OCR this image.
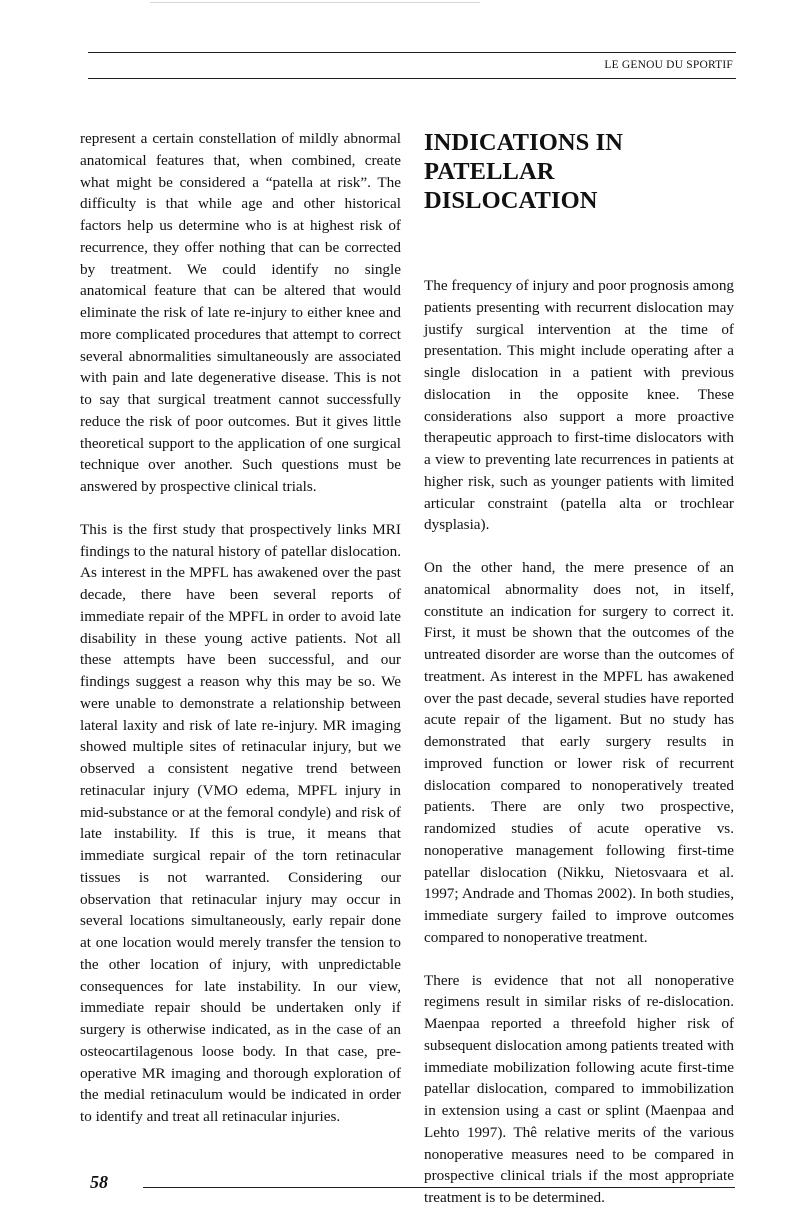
LE GENOU DU SPORTIF

represent a certain constellation of mildly abnormal anatomical features that, when combined, create what might be considered a “patella at risk”. The difficulty is that while age and other historical factors help us determine who is at highest risk of recurrence, they offer nothing that can be corrected by treatment. We could identify no single anatomical feature that can be altered that would eliminate the risk of late re-injury to either knee and more complicated procedures that attempt to correct several abnormalities simultaneously are associated with pain and late degenerative disease. This is not to say that surgical treatment cannot successfully reduce the risk of poor outcomes. But it gives little theoretical support to the application of one surgical technique over another. Such questions must be answered by prospective clinical trials.

This is the first study that prospectively links MRI findings to the natural history of patellar dislocation. As interest in the MPFL has awakened over the past decade, there have been several reports of immediate repair of the MPFL in order to avoid late disability in these young active patients. Not all these attempts have been successful, and our findings suggest a reason why this may be so. We were unable to demonstrate a relationship between lateral laxity and risk of late re-injury. MR imaging showed multiple sites of retinacular injury, but we observed a consistent negative trend between retinacular injury (VMO edema, MPFL injury in mid-substance or at the femoral condyle) and risk of late instability. If this is true, it means that immediate surgical repair of the torn retinacular tissues is not warranted. Considering our observation that retinacular injury may occur in several locations simultaneously, early repair done at one location would merely transfer the tension to the other location of injury, with unpredictable consequences for late instability. In our view, immediate repair should be undertaken only if surgery is otherwise indicated, as in the case of an osteocartilagenous loose body. In that case, pre-operative MR imaging and thorough exploration of the medial retinaculum would be indicated in order to identify and treat all retinacular injuries.

INDICATIONS IN PATELLAR DISLOCATION

The frequency of injury and poor prognosis among patients presenting with recurrent dislocation may justify surgical intervention at the time of presentation. This might include operating after a single dislocation in a patient with previous dislocation in the opposite knee. These considerations also support a more proactive therapeutic approach to first-time dislocators with a view to preventing late recurrences in patients at higher risk, such as younger patients with limited articular constraint (patella alta or trochlear dysplasia).

On the other hand, the mere presence of an anatomical abnormality does not, in itself, constitute an indication for surgery to correct it. First, it must be shown that the outcomes of the untreated disorder are worse than the outcomes of treatment. As interest in the MPFL has awakened over the past decade, several studies have reported acute repair of the ligament. But no study has demonstrated that early surgery results in improved function or lower risk of recurrent dislocation compared to nonoperatively treated patients. There are only two prospective, randomized studies of acute operative vs. nonoperative management following first-time patellar dislocation (Nikku, Nietosvaara et al. 1997; Andrade and Thomas 2002). In both studies, immediate surgery failed to improve outcomes compared to nonoperative treatment.

There is evidence that not all nonoperative regimens result in similar risks of re-dislocation. Maenpaa reported a threefold higher risk of subsequent dislocation among patients treated with immediate mobilization following acute first-time patellar dislocation, compared to immobilization in extension using a cast or splint (Maenpaa and Lehto 1997). Thê relative merits of the various nonoperative measures need to be compared in prospective clinical trials if the most appropriate treatment is to be determined.

58
